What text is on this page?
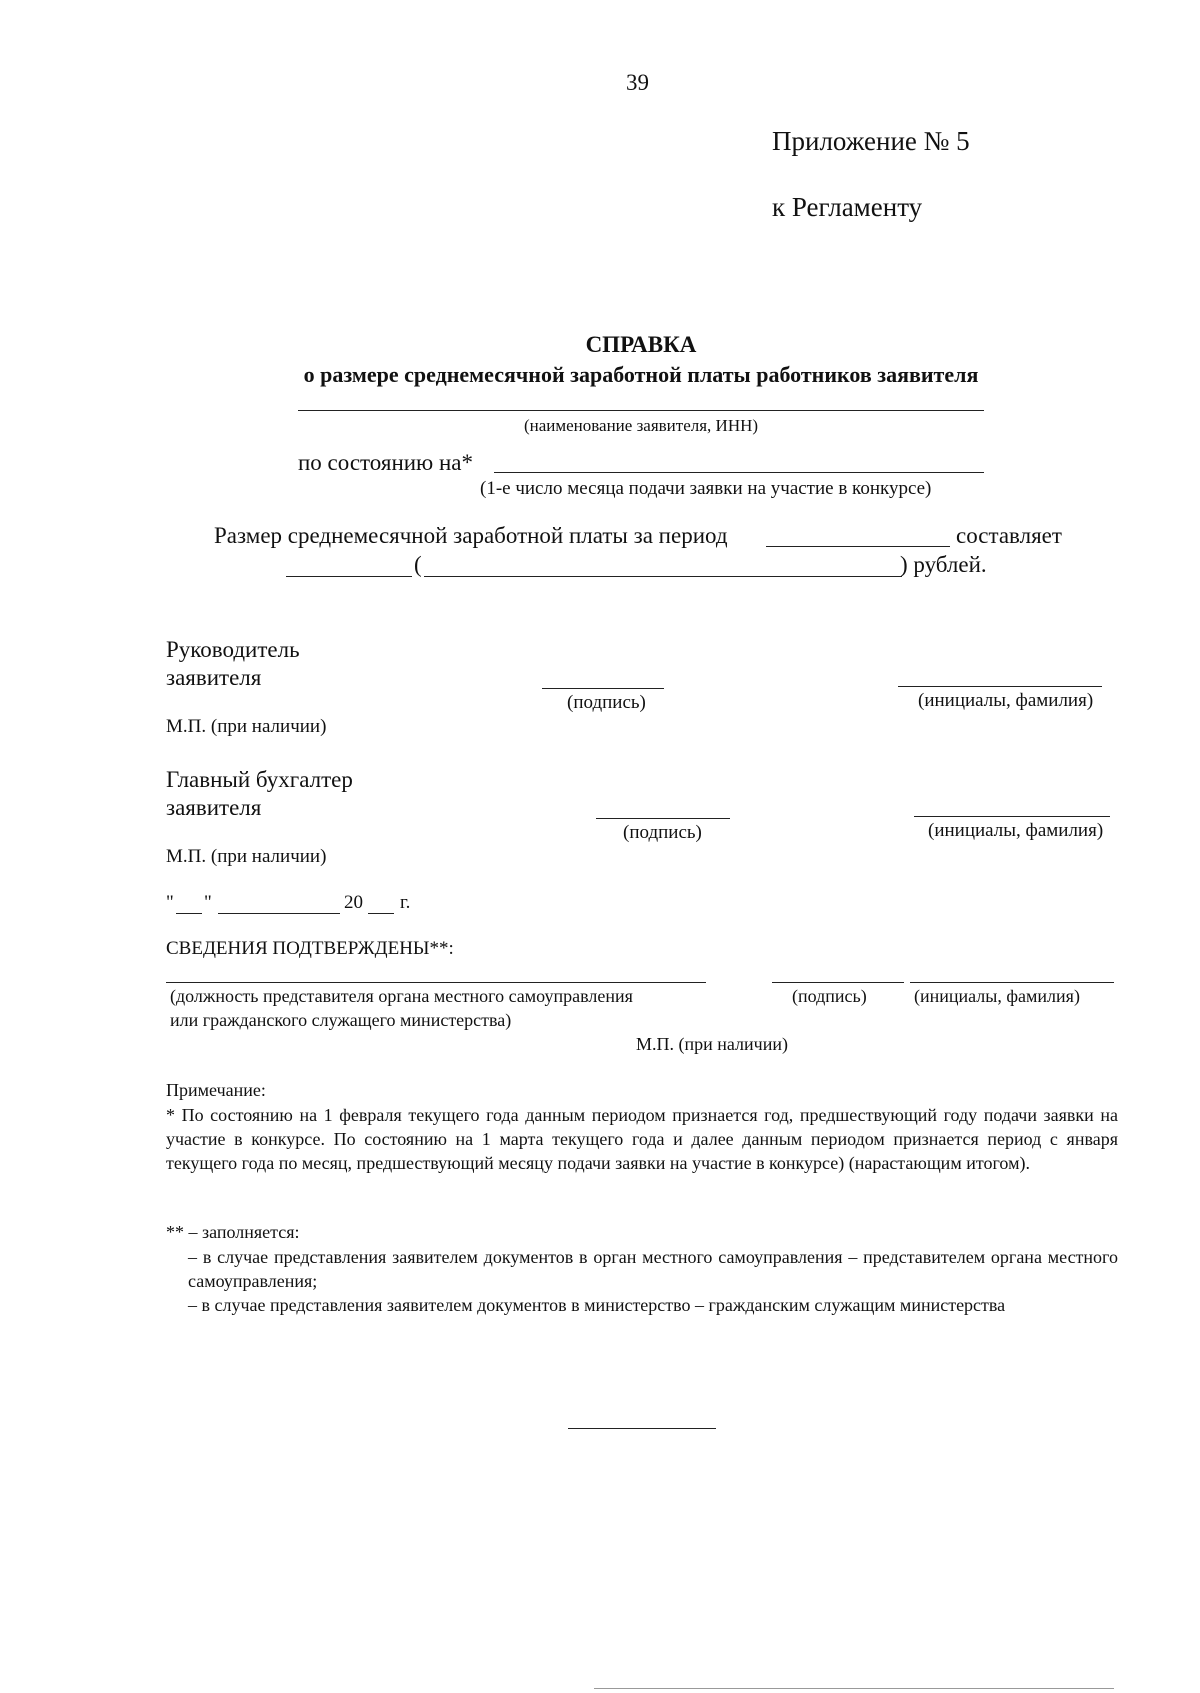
39
Приложение № 5
к Регламенту
СПРАВКА
о размере среднемесячной заработной платы работников заявителя
(наименование заявителя, ИНН)
по состоянию на*
(1-е число месяца подачи заявки на участие в конкурсе)
Размер среднемесячной заработной платы за период	составляет
(	) рублей.
Руководитель
заявителя
(подпись)	(инициалы, фамилия)
М.П. (при наличии)
Главный бухгалтер
заявителя
(подпись)	(инициалы, фамилия)
М.П. (при наличии)
" "	20 г.
СВЕДЕНИЯ ПОДТВЕРЖДЕНЫ**:
(должность представителя органа местного самоуправления
или гражданского служащего министерства)
(подпись)	(инициалы, фамилия)
М.П. (при наличии)
Примечание:
* По состоянию на 1 февраля текущего года данным периодом признается год, предшествующий году подачи заявки на участие в конкурсе. По состоянию на 1 марта текущего года и далее данным периодом признается период с января текущего года по месяц, предшествующий месяцу подачи заявки на участие в конкурсе) (нарастающим итогом).
** – заполняется:
– в случае представления заявителем документов в орган местного самоуправления – представителем органа местного самоуправления;
– в случае представления заявителем документов в министерство – гражданским служащим министерства
